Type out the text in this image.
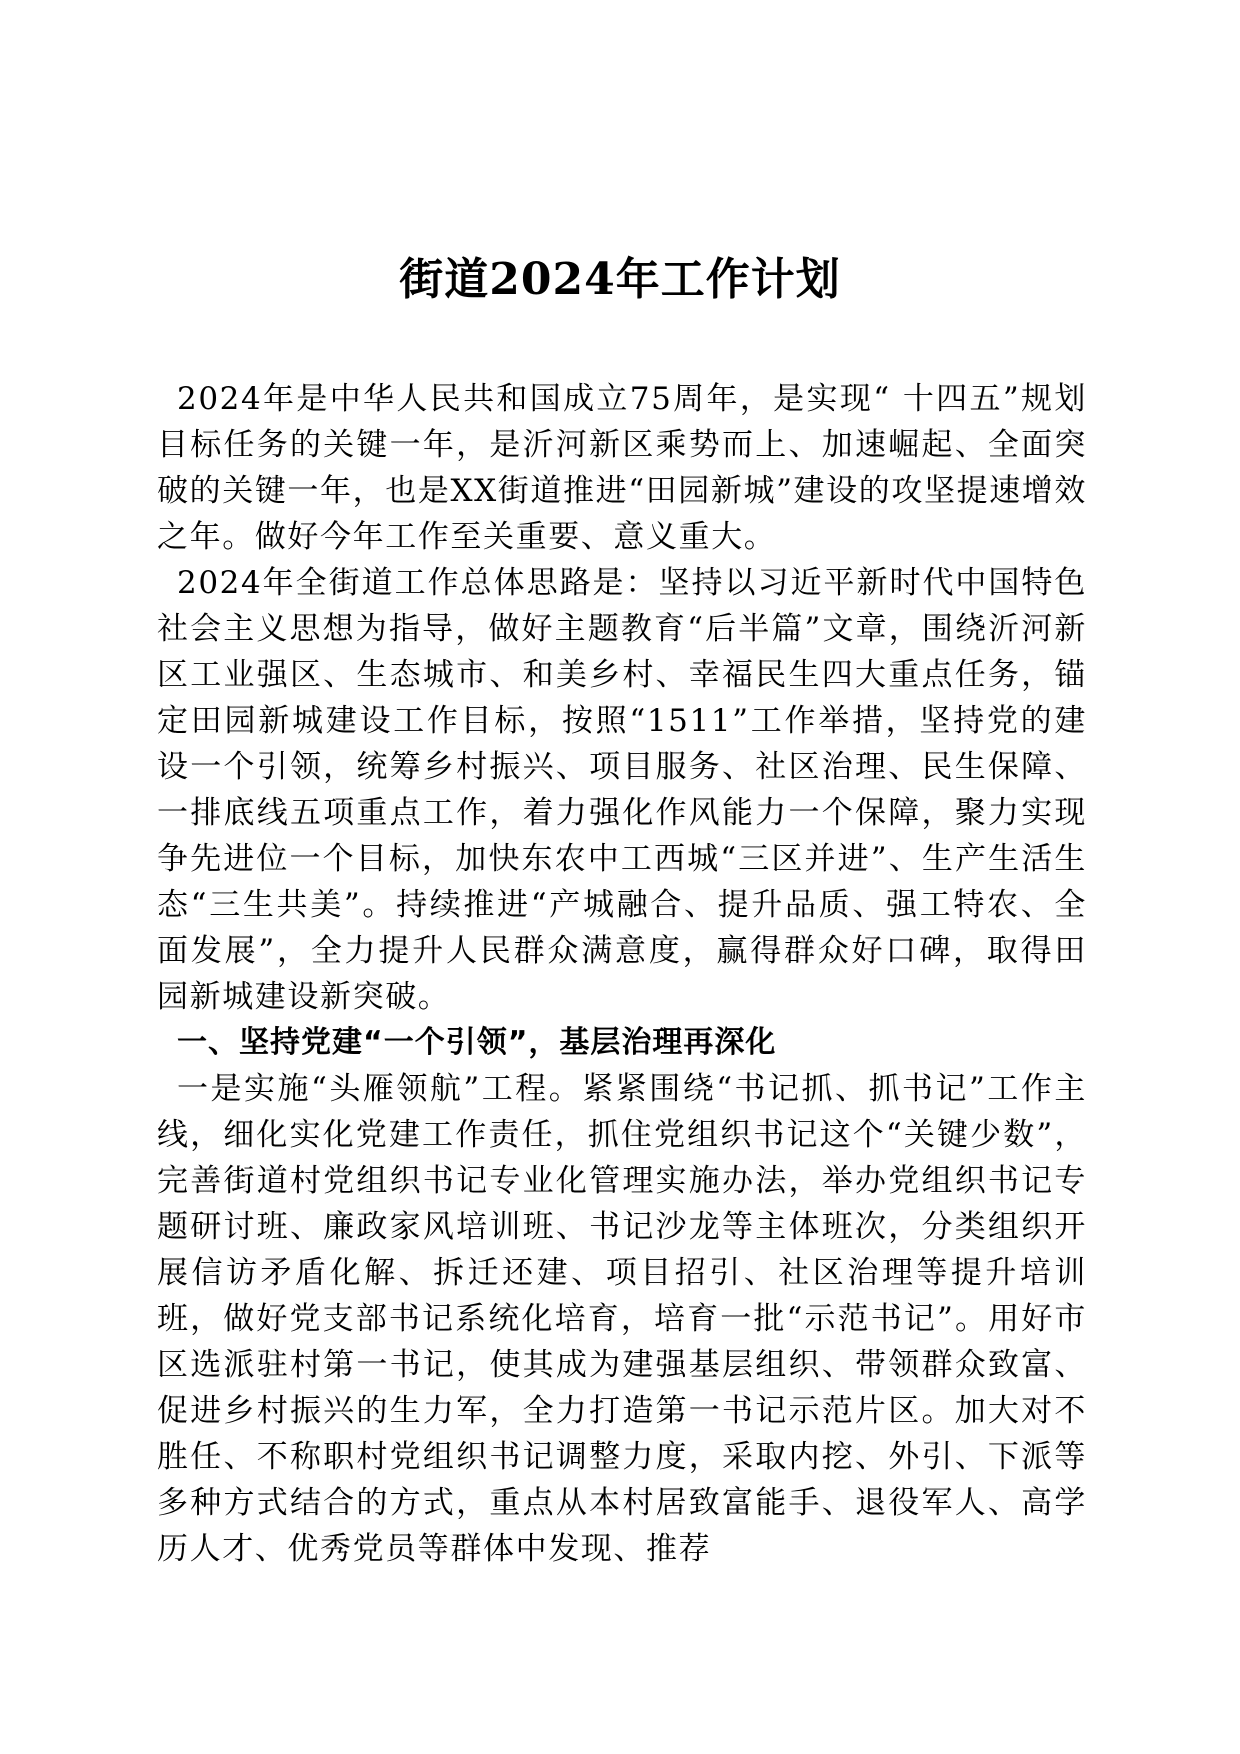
街道2024年工作计划

2024年是中华人民共和国成立75周年，是实现“ 十四五”规划目标任务的关键一年，是沂河新区乘势而上、加速崛起、全面突破的关键一年，也是XX街道推进“田园新城”建设的攻坚提速增效之年。做好今年工作至关重要、意义重大。

2024年全街道工作总体思路是：坚持以习近平新时代中国特色社会主义思想为指导，做好主题教育“后半篇”文章，围绕沂河新区工业强区、生态城市、和美乡村、幸福民生四大重点任务，锚定田园新城建设工作目标，按照“1511”工作举措，坚持党的建设一个引领，统筹乡村振兴、项目服务、社区治理、民生保障、一排底线五项重点工作，着力强化作风能力一个保障，聚力实现争先进位一个目标，加快东农中工西城“三区并进”、生产生活生态“三生共美”。持续推进“产城融合、提升品质、强工特农、全面发展”，全力提升人民群众满意度，赢得群众好口碑，取得田园新城建设新突破。

一、坚持党建“一个引领”，基层治理再深化

一是实施“头雁领航”工程。紧紧围绕“书记抓、抓书记”工作主线，细化实化党建工作责任，抓住党组织书记这个“关键少数”，完善街道村党组织书记专业化管理实施办法，举办党组织书记专题研讨班、廉政家风培训班、书记沙龙等主体班次，分类组织开展信访矛盾化解、拆迁还建、项目招引、社区治理等提升培训班，做好党支部书记系统化培育，培育一批“示范书记”。用好市区选派驻村第一书记，使其成为建强基层组织、带领群众致富、促进乡村振兴的生力军，全力打造第一书记示范片区。加大对不胜任、不称职村党组织书记调整力度，采取内挖、外引、下派等多种方式结合的方式，重点从本村居致富能手、退役军人、高学历人才、优秀党员等群体中发现、推荐
